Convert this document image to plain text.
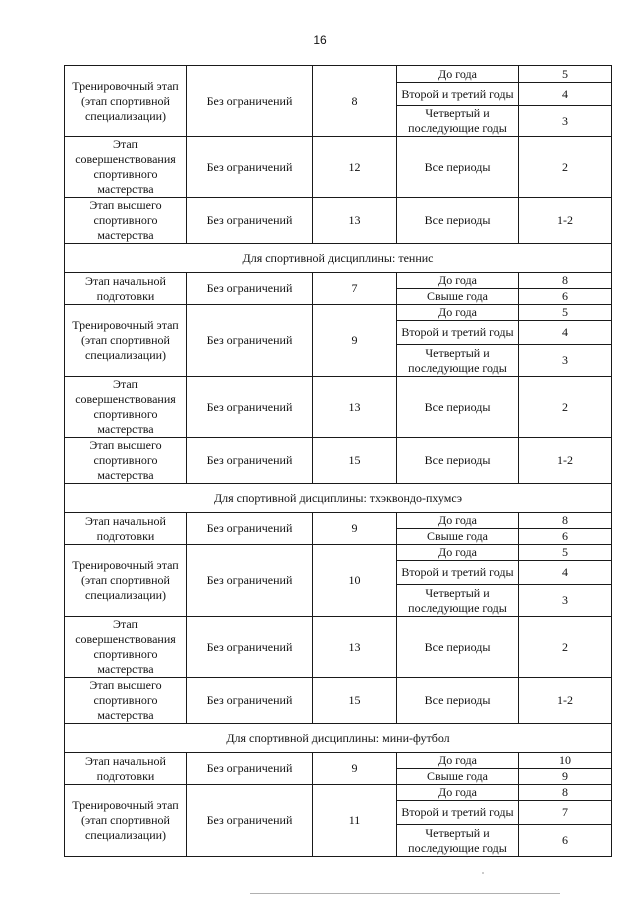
16
Тренировочный этап
(этап спортивной
специализации)	Без ограничений	8	До года	5
			Второй и третий годы	4
			Четвертый и
последующие годы	3
Этап
совершенствования
спортивного
мастерства	Без ограничений	12	Все периоды	2
Этап высшего
спортивного
мастерства	Без ограничений	13	Все периоды	1-2
Для спортивной дисциплины: теннис				
Этап начальной
подготовки	Без ограничений	7	До года	8
			Свыше года	6
Тренировочный этап
(этап спортивной
специализации)	Без ограничений	9	До года	5
			Второй и третий годы	4
			Четвертый и
последующие годы	3
Этап
совершенствования
спортивного
мастерства	Без ограничений	13	Все периоды	2
Этап высшего
спортивного
мастерства	Без ограничений	15	Все периоды	1-2
Для спортивной дисциплины: тхэквондо-пхумсэ				
Этап начальной
подготовки	Без ограничений	9	До года	8
			Свыше года	6
Тренировочный этап
(этап спортивной
специализации)	Без ограничений	10	До года	5
			Второй и третий годы	4
			Четвертый и
последующие годы	3
Этап
совершенствования
спортивного
мастерства	Без ограничений	13	Все периоды	2
Этап высшего
спортивного
мастерства	Без ограничений	15	Все периоды	1-2
Для спортивной дисциплины: мини-футбол				
Этап начальной
подготовки	Без ограничений	9	До года	10
			Свыше года	9
Тренировочный этап
(этап спортивной
специализации)	Без ограничений	11	До года	8
			Второй и третий годы	7
			Четвертый и
последующие годы	6
